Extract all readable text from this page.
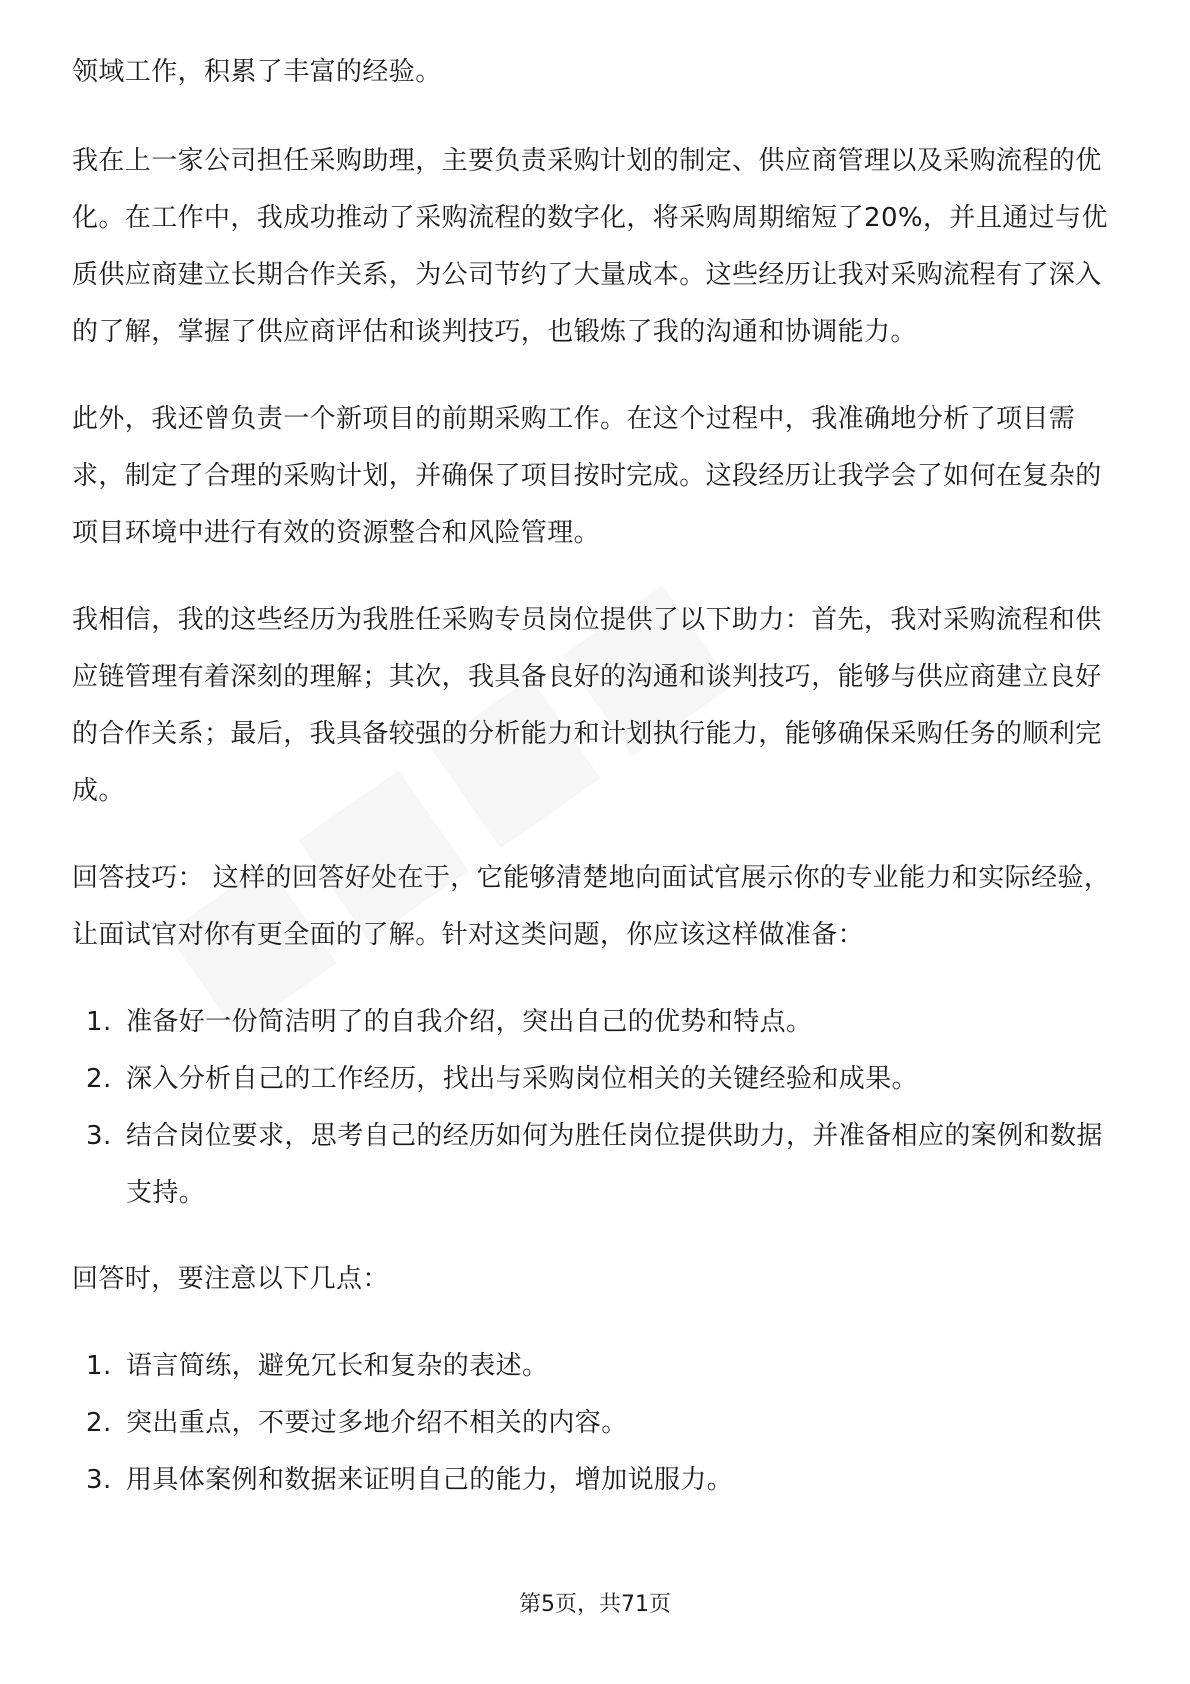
领域工作，积累了丰富的经验。

我在上一家公司担任采购助理，主要负责采购计划的制定、供应商管理以及采购流程的优化。在工作中，我成功推动了采购流程的数字化，将采购周期缩短了20%，并且通过与优质供应商建立长期合作关系，为公司节约了大量成本。这些经历让我对采购流程有了深入的了解，掌握了供应商评估和谈判技巧，也锻炼了我的沟通和协调能力。

此外，我还曾负责一个新项目的前期采购工作。在这个过程中，我准确地分析了项目需求，制定了合理的采购计划，并确保了项目按时完成。这段经历让我学会了如何在复杂的项目环境中进行有效的资源整合和风险管理。

我相信，我的这些经历为我胜任采购专员岗位提供了以下助力：首先，我对采购流程和供应链管理有着深刻的理解；其次，我具备良好的沟通和谈判技巧，能够与供应商建立良好的合作关系；最后，我具备较强的分析能力和计划执行能力，能够确保采购任务的顺利完成。

回答技巧： 这样的回答好处在于，它能够清楚地向面试官展示你的专业能力和实际经验，让面试官对你有更全面的了解。针对这类问题，你应该这样做准备：

1. 准备好一份简洁明了的自我介绍，突出自己的优势和特点。
2. 深入分析自己的工作经历，找出与采购岗位相关的关键经验和成果。
3. 结合岗位要求，思考自己的经历如何为胜任岗位提供助力，并准备相应的案例和数据支持。

回答时，要注意以下几点：

1. 语言简练，避免冗长和复杂的表述。
2. 突出重点，不要过多地介绍不相关的内容。
3. 用具体案例和数据来证明自己的能力，增加说服力。
第5页，共71页
